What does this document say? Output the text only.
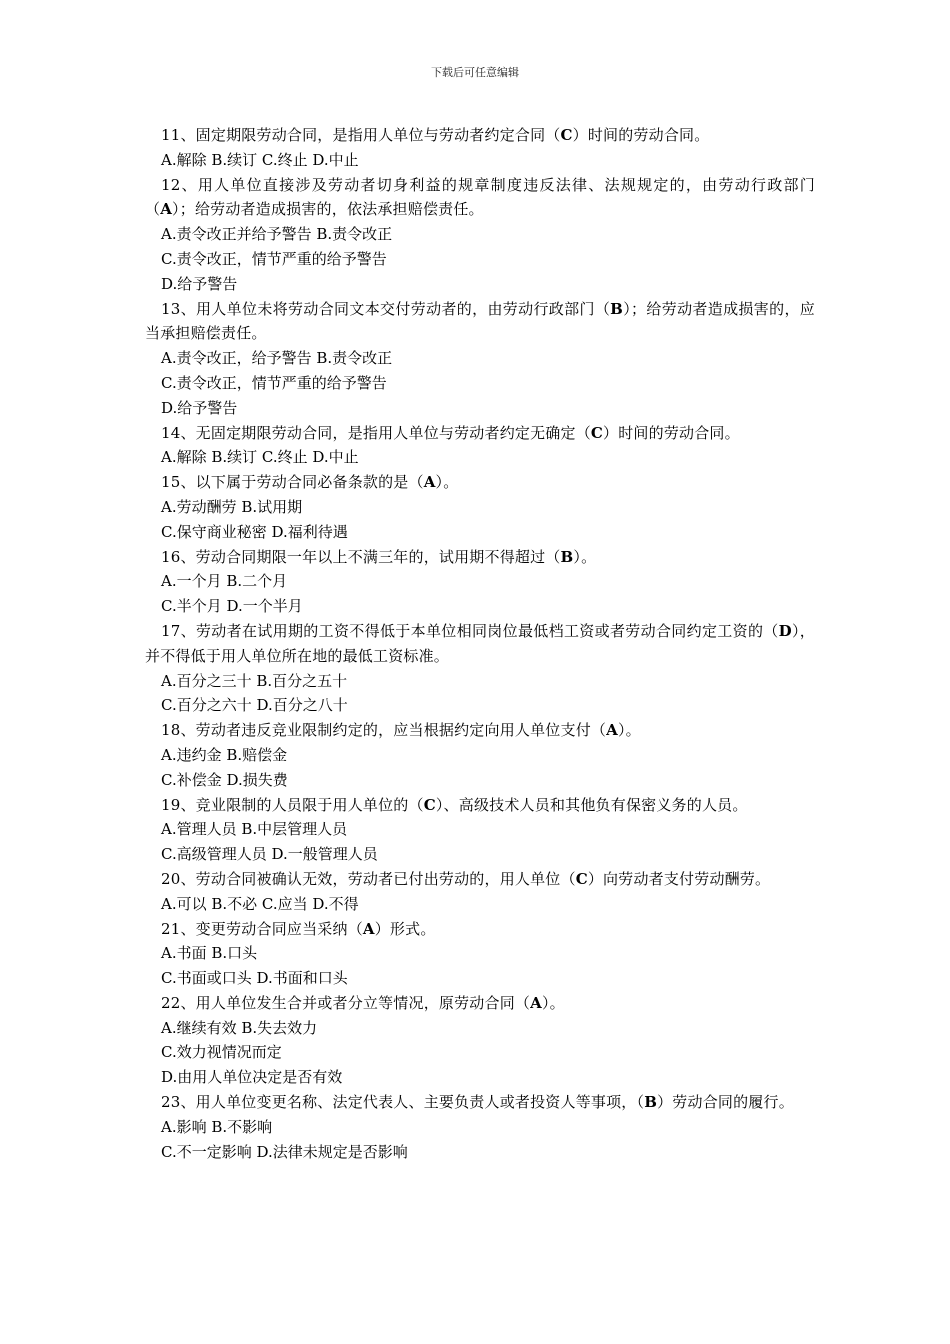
下载后可任意编辑

11、固定期限劳动合同，是指用人单位与劳动者约定合同（C）时间的劳动合同。

A.解除 B.续订 C.终止 D.中止

12、用人单位直接涉及劳动者切身利益的规章制度违反法律、法规规定的，由劳动行政部门（A）；给劳动者造成损害的，依法承担赔偿责任。

A.责令改正并给予警告 B.责令改正

C.责令改正，情节严重的给予警告

D.给予警告

13、用人单位未将劳动合同文本交付劳动者的，由劳动行政部门（B）；给劳动者造成损害的，应当承担赔偿责任。

A.责令改正，给予警告 B.责令改正

C.责令改正，情节严重的给予警告

D.给予警告

14、无固定期限劳动合同，是指用人单位与劳动者约定无确定（C）时间的劳动合同。

A.解除 B.续订 C.终止 D.中止

15、以下属于劳动合同必备条款的是（A）。

A.劳动酬劳 B.试用期

C.保守商业秘密 D.福利待遇

16、劳动合同期限一年以上不满三年的，试用期不得超过（B）。

A.一个月 B.二个月

C.半个月 D.一个半月

17、劳动者在试用期的工资不得低于本单位相同岗位最低档工资或者劳动合同约定工资的（D），并不得低于用人单位所在地的最低工资标准。

A.百分之三十 B.百分之五十

C.百分之六十 D.百分之八十

18、劳动者违反竞业限制约定的，应当根据约定向用人单位支付（A）。

A.违约金 B.赔偿金

C.补偿金 D.损失费

19、竞业限制的人员限于用人单位的（C）、高级技术人员和其他负有保密义务的人员。

A.管理人员 B.中层管理人员

C.高级管理人员 D.一般管理人员

20、劳动合同被确认无效，劳动者已付出劳动的，用人单位（C）向劳动者支付劳动酬劳。

A.可以 B.不必 C.应当 D.不得

21、变更劳动合同应当采纳（A）形式。

A.书面 B.口头

C.书面或口头 D.书面和口头

22、用人单位发生合并或者分立等情况，原劳动合同（A）。

A.继续有效 B.失去效力

C.效力视情况而定

D.由用人单位决定是否有效

23、用人单位变更名称、法定代表人、主要负责人或者投资人等事项，（B）劳动合同的履行。

A.影响 B.不影响

C.不一定影响 D.法律未规定是否影响
